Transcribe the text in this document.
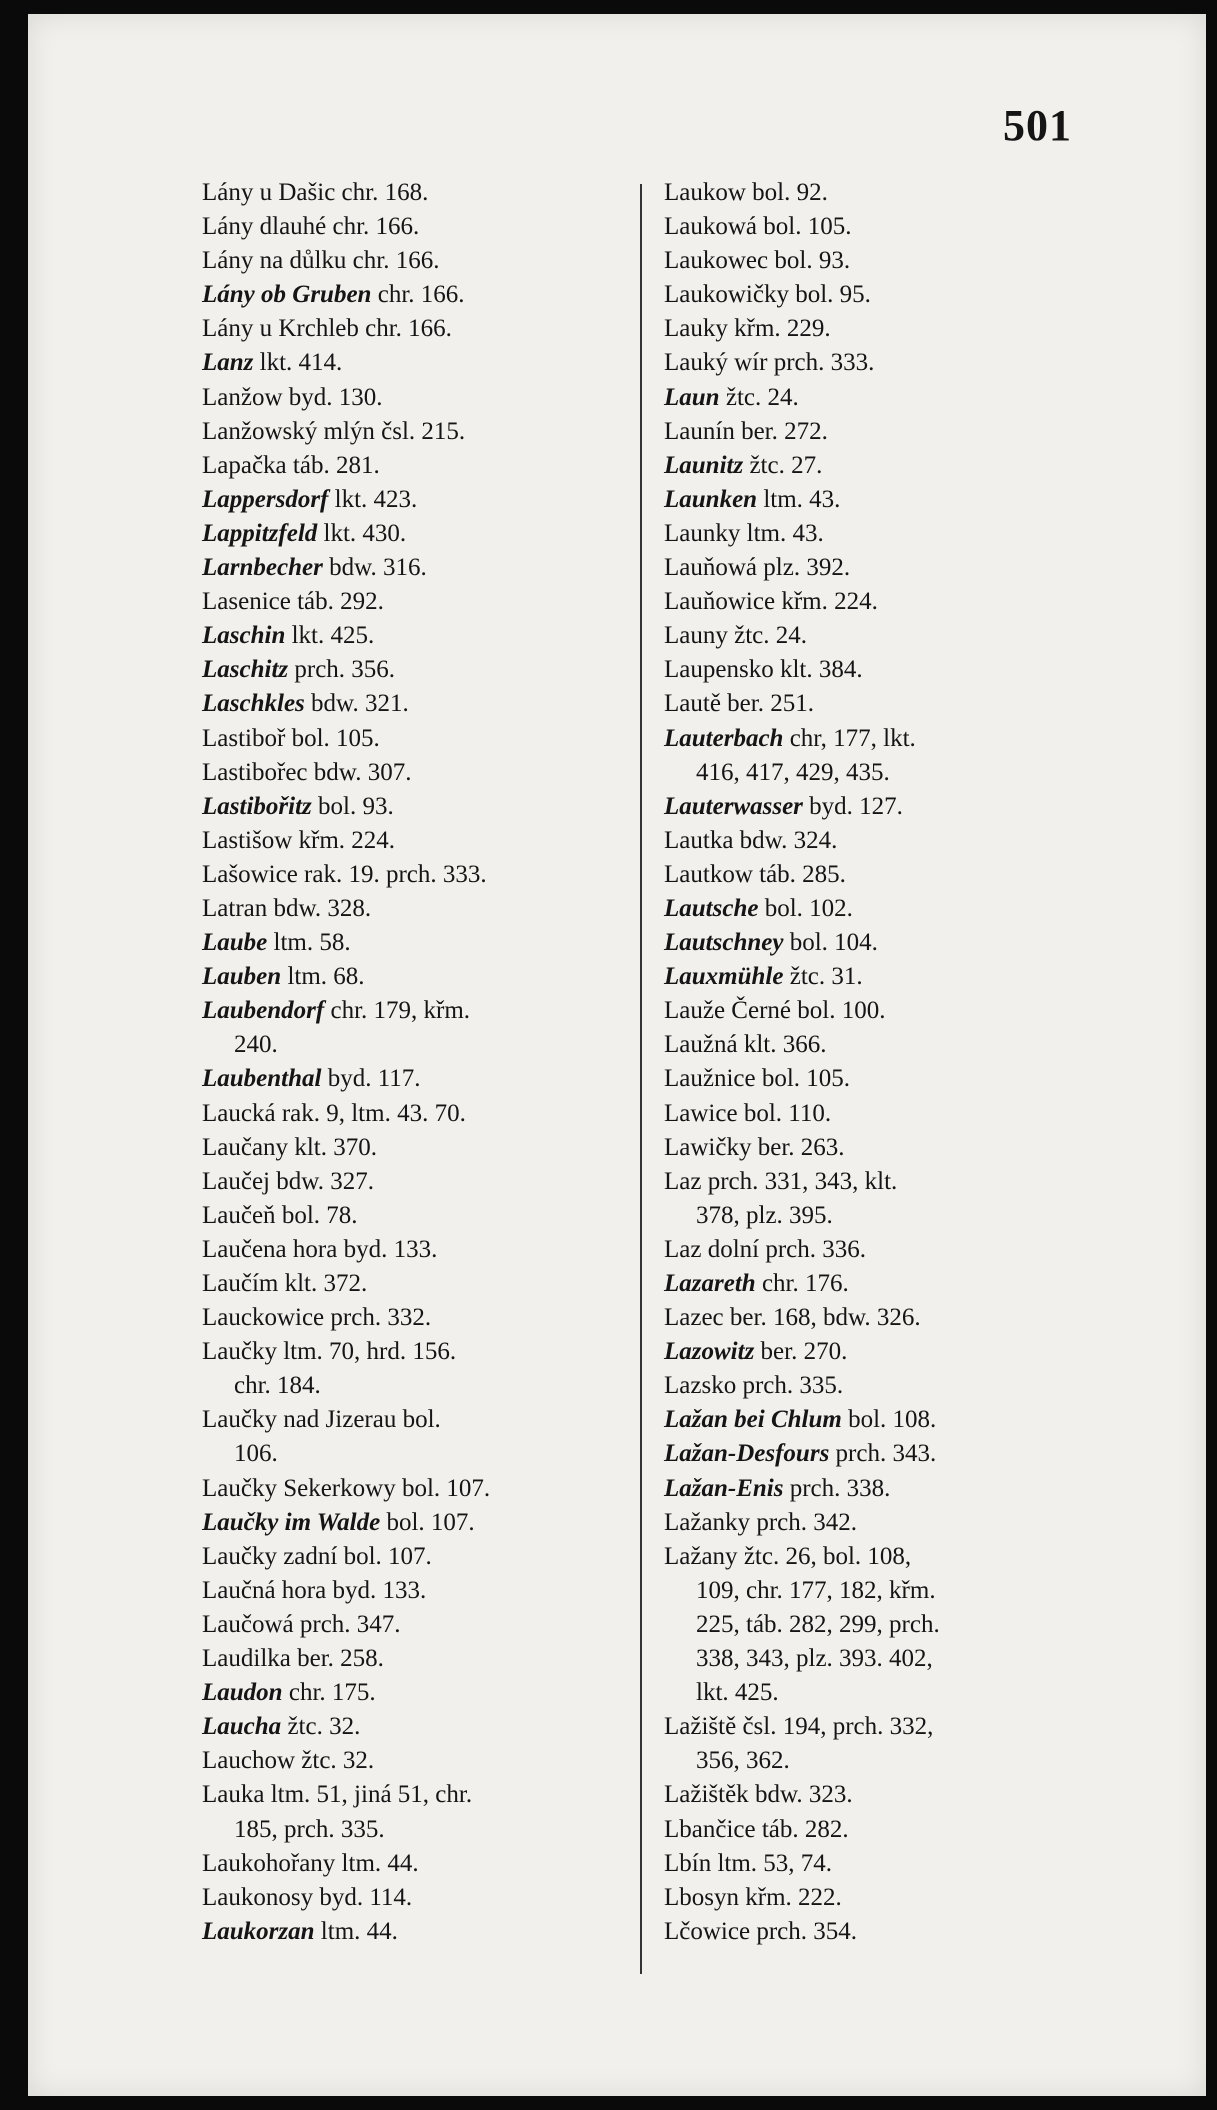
501
Lány u Dašic chr. 168.
Lány dlauhé chr. 166.
Lány na důlku chr. 166.
Lány ob Gruben chr. 166.
Lány u Krchleb chr. 166.
Lanz lkt. 414.
Lanžow byd. 130.
Lanžowský mlýn čsl. 215.
Lapačka táb. 281.
Lappersdorf lkt. 423.
Lappitzfeld lkt. 430.
Larnbecher bdw. 316.
Lasenice táb. 292.
Laschin lkt. 425.
Laschitz prch. 356.
Laschkles bdw. 321.
Lastiboř bol. 105.
Lastibořec bdw. 307.
Lastibořitz bol. 93.
Lastišow křm. 224.
Lašowice rak. 19. prch. 333.
Latran bdw. 328.
Laube ltm. 58.
Lauben ltm. 68.
Laubendorf chr. 179, křm.
240.
Laubenthal byd. 117.
Laucká rak. 9, ltm. 43. 70.
Laučany klt. 370.
Laučej bdw. 327.
Laučeň bol. 78.
Laučena hora byd. 133.
Laučím klt. 372.
Lauckowice prch. 332.
Laučky ltm. 70, hrd. 156.
chr. 184.
Laučky nad Jizerau bol.
106.
Laučky Sekerkowy bol. 107.
Laučky im Walde bol. 107.
Laučky zadní bol. 107.
Laučná hora byd. 133.
Laučowá prch. 347.
Laudilka ber. 258.
Laudon chr. 175.
Laucha žtc. 32.
Lauchow žtc. 32.
Lauka ltm. 51, jiná 51, chr.
185, prch. 335.
Laukohořany ltm. 44.
Laukonosy byd. 114.
Laukorzan ltm. 44.
Laukow bol. 92.
Laukowá bol. 105.
Laukowec bol. 93.
Laukowičky bol. 95.
Lauky křm. 229.
Lauký wír prch. 333.
Laun žtc. 24.
Launín ber. 272.
Launitz žtc. 27.
Launken ltm. 43.
Launky ltm. 43.
Lauňowá plz. 392.
Lauňowice křm. 224.
Launy žtc. 24.
Laupensko klt. 384.
Lautě ber. 251.
Lauterbach chr, 177, lkt.
416, 417, 429, 435.
Lauterwasser byd. 127.
Lautka bdw. 324.
Lautkow táb. 285.
Lautsche bol. 102.
Lautschney bol. 104.
Lauxmühle žtc. 31.
Lauže Černé bol. 100.
Laužná klt. 366.
Laužnice bol. 105.
Lawice bol. 110.
Lawičky ber. 263.
Laz prch. 331, 343, klt.
378, plz. 395.
Laz dolní prch. 336.
Lazareth chr. 176.
Lazec ber. 168, bdw. 326.
Lazowitz ber. 270.
Lazsko prch. 335.
Lažan bei Chlum bol. 108.
Lažan-Desfours prch. 343.
Lažan-Enis prch. 338.
Lažanky prch. 342.
Lažany žtc. 26, bol. 108,
109, chr. 177, 182, křm.
225, táb. 282, 299, prch.
338, 343, plz. 393. 402,
lkt. 425.
Lažiště čsl. 194, prch. 332,
356, 362.
Lažištěk bdw. 323.
Lbančice táb. 282.
Lbín ltm. 53, 74.
Lbosyn křm. 222.
Lčowice prch. 354.
